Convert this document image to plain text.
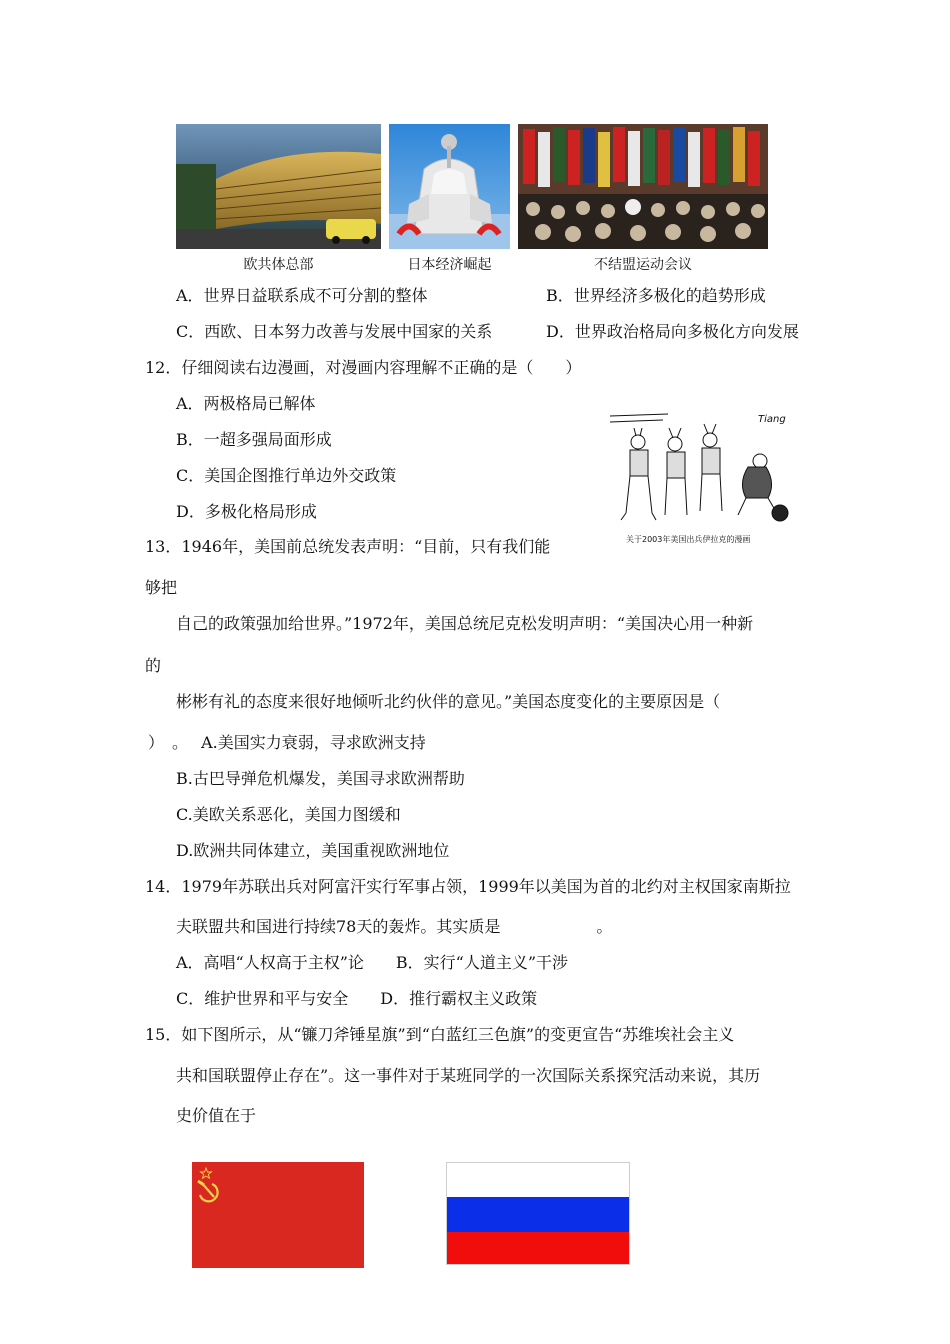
欧共体总部	日本经济崛起	不结盟运动会议
A．世界日益联系成不可分割的整体	B．世界经济多极化的趋势形成
C．西欧、日本努力改善与发展中国家的关系	D．世界政治格局向多极化方向发展
12．仔细阅读右边漫画，对漫画内容理解不正确的是（　　）
A．两极格局已解体
B．一超多强局面形成
C．美国企图推行单边外交政策
D．多极化格局形成
Tiang
关于2003年美国出兵伊拉克的漫画
13．1946年，美国前总统发表声明：“目前，只有我们能
够把
自己的政策强加给世界。”1972年，美国总统尼克松发明声明：“美国决心用一种新
的
彬彬有礼的态度来很好地倾听北约伙伴的意见。”美国态度变化的主要原因是（
）　。　 A.美国实力衰弱，寻求欧洲支持
B.古巴导弹危机爆发，美国寻求欧洲帮助
C.美欧关系恶化，美国力图缓和
D.欧洲共同体建立，美国重视欧洲地位
14．1979年苏联出兵对阿富汗实行军事占领，1999年以美国为首的北约对主权国家南斯拉
夫联盟共和国进行持续78天的轰炸。其实质是　　　　　　。
A．高唱“人权高于主权”论　　B．实行“人道主义”干涉
C．维护世界和平与安全　　D．推行霸权主义政策
15．如下图所示，从“镰刀斧锤星旗”到“白蓝红三色旗”的变更宣告“苏维埃社会主义
共和国联盟停止存在”。这一事件对于某班同学的一次国际关系探究活动来说，其历
史价值在于
